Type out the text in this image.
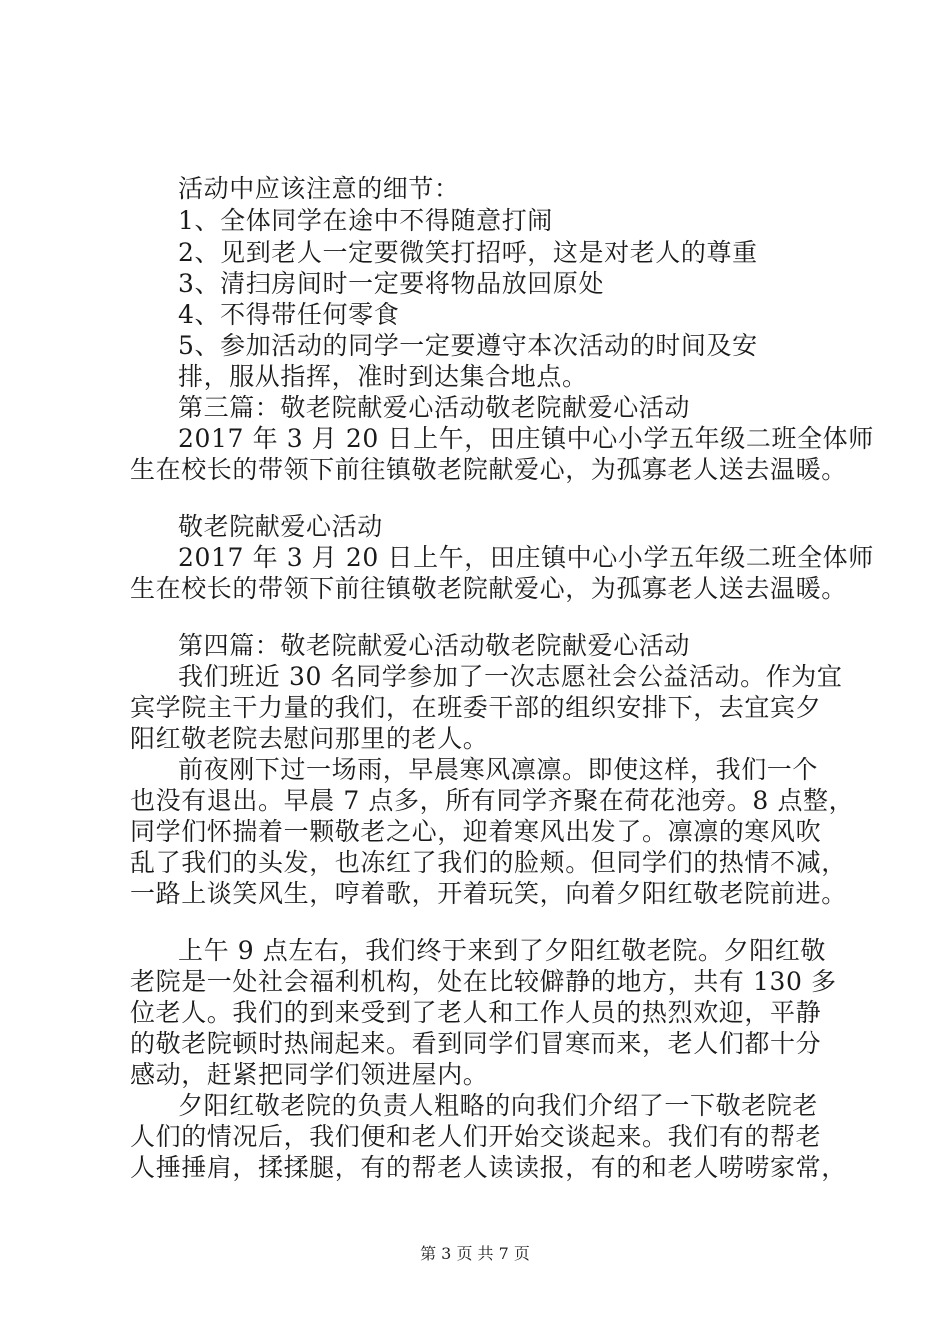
活动中应该注意的细节：
1、全体同学在途中不得随意打闹
2、见到老人一定要微笑打招呼，这是对老人的尊重
3、清扫房间时一定要将物品放回原处
4、不得带任何零食
5、参加活动的同学一定要遵守本次活动的时间及安
排，服从指挥，准时到达集合地点。
第三篇：敬老院献爱心活动敬老院献爱心活动
2017 年 3 月 20 日上午，田庄镇中心小学五年级二班全体师
生在校长的带领下前往镇敬老院献爱心，为孤寡老人送去温暖。
敬老院献爱心活动
2017 年 3 月 20 日上午，田庄镇中心小学五年级二班全体师
生在校长的带领下前往镇敬老院献爱心，为孤寡老人送去温暖。
第四篇：敬老院献爱心活动敬老院献爱心活动
我们班近 30 名同学参加了一次志愿社会公益活动。作为宜
宾学院主干力量的我们，在班委干部的组织安排下，去宜宾夕
阳红敬老院去慰问那里的老人。
前夜刚下过一场雨，早晨寒风凛凛。即使这样，我们一个
也没有退出。早晨 7 点多，所有同学齐聚在荷花池旁。8 点整，
同学们怀揣着一颗敬老之心，迎着寒风出发了。凛凛的寒风吹
乱了我们的头发，也冻红了我们的脸颊。但同学们的热情不减，
一路上谈笑风生，哼着歌，开着玩笑，向着夕阳红敬老院前进。
上午 9 点左右，我们终于来到了夕阳红敬老院。夕阳红敬
老院是一处社会福利机构，处在比较僻静的地方，共有 130 多
位老人。我们的到来受到了老人和工作人员的热烈欢迎，平静
的敬老院顿时热闹起来。看到同学们冒寒而来，老人们都十分
感动，赶紧把同学们领进屋内。
夕阳红敬老院的负责人粗略的向我们介绍了一下敬老院老
人们的情况后，我们便和老人们开始交谈起来。我们有的帮老
人捶捶肩，揉揉腿，有的帮老人读读报，有的和老人唠唠家常，
第 3 页 共 7 页
